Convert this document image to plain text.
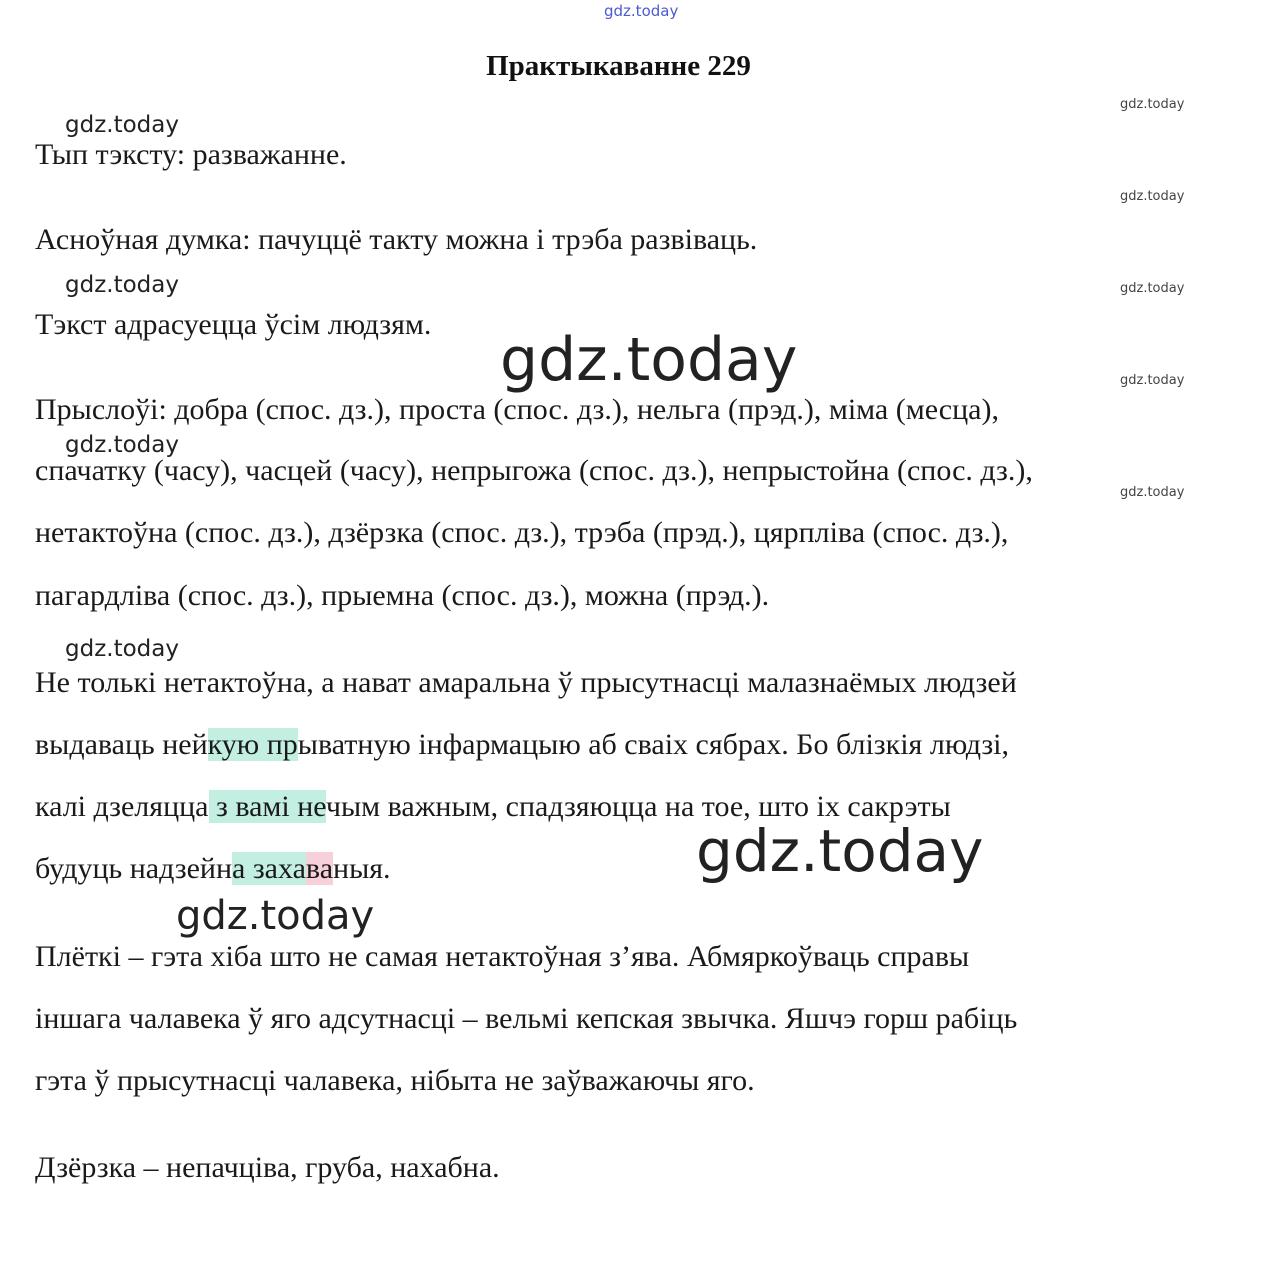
gdz.today
Практыкаванне 229
gdz.today
gdz.today
gdz.today
gdz.today
gdz.today
gdz.today
gdz.today
gdz.today
gdz.today
gdz.today
gdz.today
gdz.today
Тып тэксту: разважанне.
Асноўная думка: пачуццё такту можна і трэба развіваць.
Тэкст адрасуецца ўсім людзям.
Прыслоўі: добра (спос. дз.), проста (спос. дз.), нельга (прэд.), міма (месца),
спачатку (часу), часцей (часу), непрыгожа (спос. дз.), непрыстойна (спос. дз.),
нетактоўна (спос. дз.), дзёрзка (спос. дз.), трэба (прэд.), цярпліва (спос. дз.),
пагардліва (спос. дз.), прыемна (спос. дз.), можна (прэд.).
Не толькі нетактоўна, а нават амаральна ў прысутнасці малазнаёмых людзей
выдаваць нейкую прыватную інфармацыю аб сваіх сябрах. Бо блізкія людзі,
калі дзеляцца з вамі нечым важным, спадзяюцца на тое, што іх сакрэты
будуць надзейна захаваныя.
Плёткі – гэта хіба што не самая нетактоўная з’ява. Абмяркоўваць справы
іншага чалавека ў яго адсутнасці – вельмі кепская звычка. Яшчэ горш рабіць
гэта ў прысутнасці чалавека, нібыта не заўважаючы яго.
Дзёрзка – непачціва, груба, нахабна.
